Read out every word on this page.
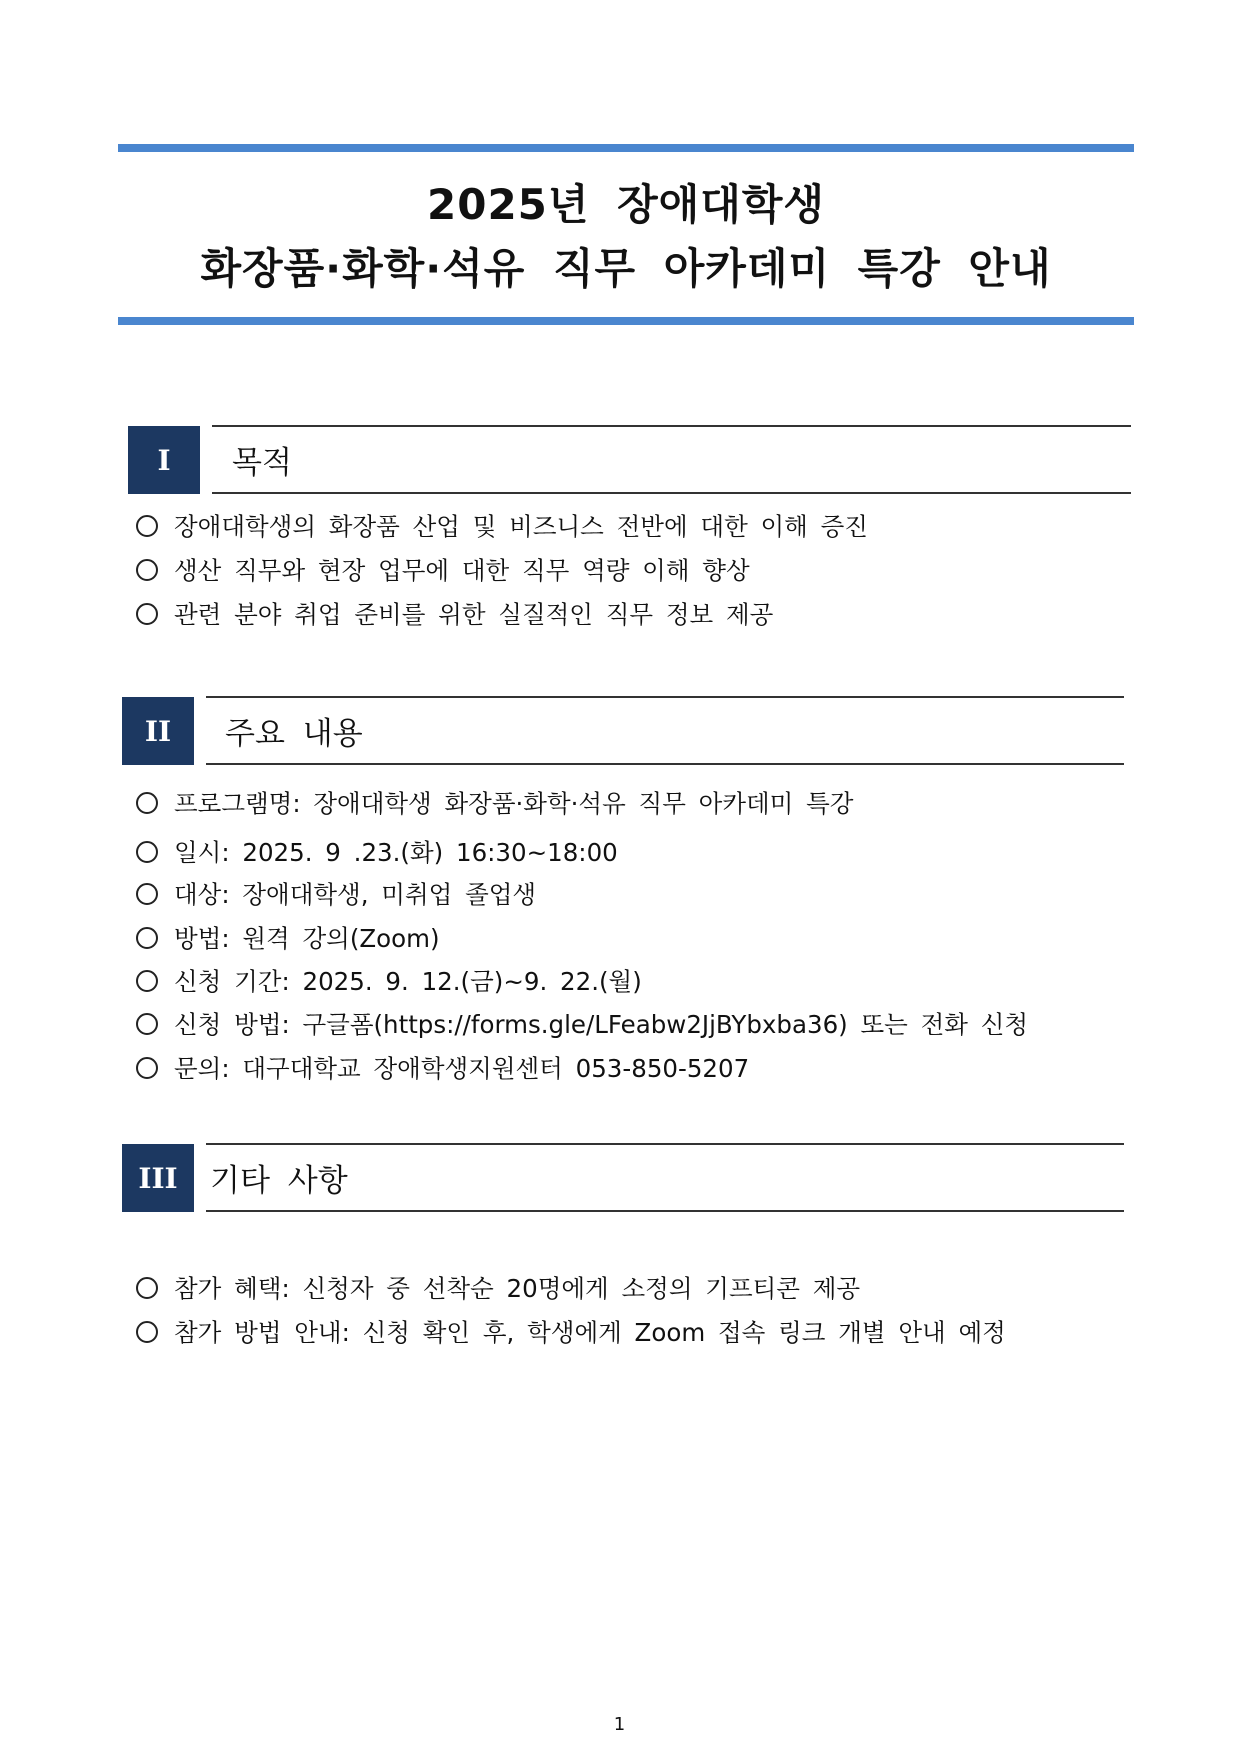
2025년 장애대학생
화장품·화학·석유 직무 아카데미 특강 안내
I	목적
장애대학생의 화장품 산업 및 비즈니스 전반에 대한 이해 증진
생산 직무와 현장 업무에 대한 직무 역량 이해 향상
관련 분야 취업 준비를 위한 실질적인 직무 정보 제공
II	주요 내용
프로그램명: 장애대학생 화장품·화학·석유 직무 아카데미 특강
일시: 2025. 9 .23.(화) 16:30~18:00
대상: 장애대학생, 미취업 졸업생
방법: 원격 강의(Zoom)
신청 기간: 2025. 9. 12.(금)~9. 22.(월)
신청 방법: 구글폼(https://forms.gle/LFeabw2JjBYbxba36) 또는 전화 신청
문의: 대구대학교 장애학생지원센터 053-850-5207
III	기타 사항
참가 혜택: 신청자 중 선착순 20명에게 소정의 기프티콘 제공
참가 방법 안내: 신청 확인 후, 학생에게 Zoom 접속 링크 개별 안내 예정
1
